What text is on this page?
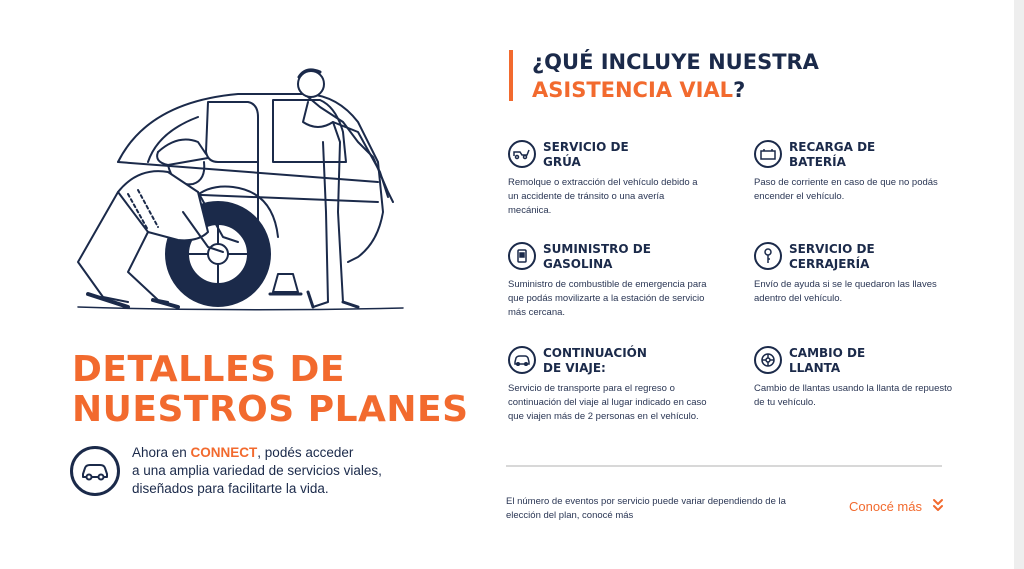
DETALLES DE
NUESTROS PLANES
Ahora en CONNECT, podés acceder
a una amplia variedad de servicios viales,
diseñados para facilitarte la vida.
¿QUÉ INCLUYE NUESTRA
ASISTENCIA VIAL?
SERVICIO DE GRÚA
Remolque o extracción del vehículo debido a un accidente de tránsito o una avería mecánica.
RECARGA DE BATERÍA
Paso de corriente en caso de que no podás encender el vehículo.
SUMINISTRO DE GASOLINA
Suministro de combustible de emergencia para que podás movilizarte a la estación de servicio más cercana.
SERVICIO DE CERRAJERÍA
Envío de ayuda si se le quedaron las llaves adentro del vehículo.
CONTINUACIÓN DE VIAJE:
Servicio de transporte para el regreso o continuación del viaje al lugar indicado en caso que viajen más de 2 personas en el vehículo.
CAMBIO DE LLANTA
Cambio de llantas usando la llanta de repuesto de tu vehículo.
El número de eventos por servicio puede variar dependiendo de la elección del plan, conocé más
Conocé más
